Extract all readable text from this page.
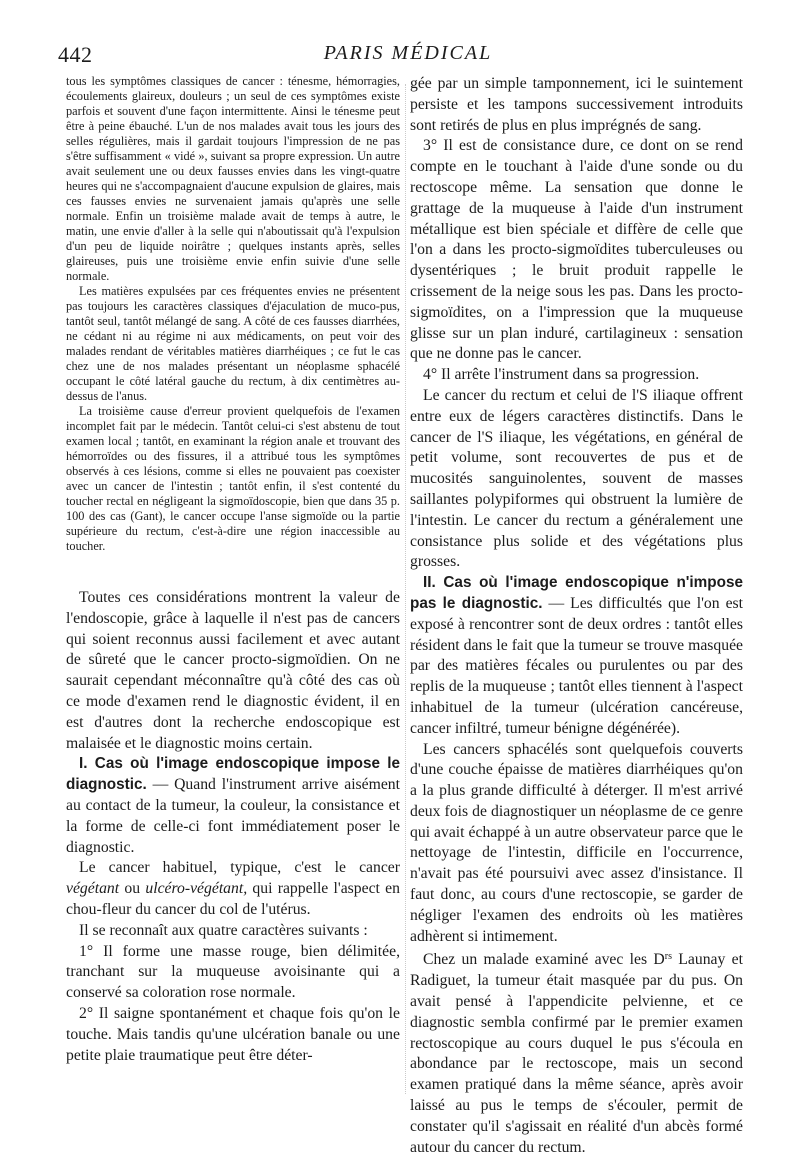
442	PARIS MÉDICAL

tous les symptômes classiques de cancer : ténesme, hémorragies, écoulements glaireux, douleurs ; un seul de ces symptômes existe parfois et souvent d'une façon intermittente. Ainsi le ténesme peut être à peine ébauché. L'un de nos malades avait tous les jours des selles régulières, mais il gardait toujours l'impression de ne pas s'être suffisamment « vidé », suivant sa propre expression. Un autre avait seulement une ou deux fausses envies dans les vingt-quatre heures qui ne s'accompagnaient d'aucune expulsion de glaires, mais ces fausses envies ne survenaient jamais qu'après une selle normale. Enfin un troisième malade avait de temps à autre, le matin, une envie d'aller à la selle qui n'aboutissait qu'à l'expulsion d'un peu de liquide noirâtre ; quelques instants après, selles glaireuses, puis une troisième envie enfin suivie d'une selle normale.

Les matières expulsées par ces fréquentes envies ne présentent pas toujours les caractères classiques d'éjaculation de muco-pus, tantôt seul, tantôt mélangé de sang. A côté de ces fausses diarrhées, ne cédant ni au régime ni aux médicaments, on peut voir des malades rendant de véritables matières diarrhéiques ; ce fut le cas chez une de nos malades présentant un néoplasme sphacélé occupant le côté latéral gauche du rectum, à dix centimètres au-dessus de l'anus.

La troisième cause d'erreur provient quelquefois de l'examen incomplet fait par le médecin. Tantôt celui-ci s'est abstenu de tout examen local ; tantôt, en examinant la région anale et trouvant des hémorroïdes ou des fissures, il a attribué tous les symptômes observés à ces lésions, comme si elles ne pouvaient pas coexister avec un cancer de l'intestin ; tantôt enfin, il s'est contenté du toucher rectal en négligeant la sigmoïdoscopie, bien que dans 35 p. 100 des cas (Gant), le cancer occupe l'anse sigmoïde ou la partie supérieure du rectum, c'est-à-dire une région inaccessible au toucher.

Toutes ces considérations montrent la valeur de l'endoscopie, grâce à laquelle il n'est pas de cancers qui soient reconnus aussi facilement et avec autant de sûreté que le cancer procto-sigmoïdien. On ne saurait cependant méconnaître qu'à côté des cas où ce mode d'examen rend le diagnostic évident, il en est d'autres dont la recherche endoscopique est malaisée et le diagnostic moins certain.

I. Cas où l'image endoscopique impose le diagnostic. — Quand l'instrument arrive aisément au contact de la tumeur, la couleur, la consistance et la forme de celle-ci font immédiatement poser le diagnostic.

Le cancer habituel, typique, c'est le cancer végétant ou ulcéro-végétant, qui rappelle l'aspect en chou-fleur du cancer du col de l'utérus.

Il se reconnaît aux quatre caractères suivants :

1° Il forme une masse rouge, bien délimitée, tranchant sur la muqueuse avoisinante qui a conservé sa coloration rose normale.

2° Il saigne spontanément et chaque fois qu'on le touche. Mais tandis qu'une ulcération banale ou une petite plaie traumatique peut être déter-

gée par un simple tamponnement, ici le suintement persiste et les tampons successivement introduits sont retirés de plus en plus imprégnés de sang.

3° Il est de consistance dure, ce dont on se rend compte en le touchant à l'aide d'une sonde ou du rectoscope même. La sensation que donne le grattage de la muqueuse à l'aide d'un instrument métallique est bien spéciale et diffère de celle que l'on a dans les procto-sigmoïdites tuberculeuses ou dysentériques ; le bruit produit rappelle le crissement de la neige sous les pas. Dans les procto-sigmoïdites, on a l'impression que la muqueuse glisse sur un plan induré, cartilagineux : sensation que ne donne pas le cancer.

4° Il arrête l'instrument dans sa progression.

Le cancer du rectum et celui de l'S iliaque offrent entre eux de légers caractères distinctifs. Dans le cancer de l'S iliaque, les végétations, en général de petit volume, sont recouvertes de pus et de mucosités sanguinolentes, souvent de masses saillantes polypiformes qui obstruent la lumière de l'intestin. Le cancer du rectum a généralement une consistance plus solide et des végétations plus grosses.

II. Cas où l'image endoscopique n'impose pas le diagnostic. — Les difficultés que l'on est exposé à rencontrer sont de deux ordres : tantôt elles résident dans le fait que la tumeur se trouve masquée par des matières fécales ou purulentes ou par des replis de la muqueuse ; tantôt elles tiennent à l'aspect inhabituel de la tumeur (ulcération cancéreuse, cancer infiltré, tumeur bénigne dégénérée).

Les cancers sphacélés sont quelquefois couverts d'une couche épaisse de matières diarrhéiques qu'on a la plus grande difficulté à déterger. Il m'est arrivé deux fois de diagnostiquer un néoplasme de ce genre qui avait échappé à un autre observateur parce que le nettoyage de l'intestin, difficile en l'occurrence, n'avait pas été poursuivi avec assez d'insistance. Il faut donc, au cours d'une rectoscopie, se garder de négliger l'examen des endroits où les matières adhèrent si intimement.

Chez un malade examiné avec les $D^{rs}$ Launay et Radiguet, la tumeur était masquée par du pus. On avait pensé à l'appendicite pelvienne, et ce diagnostic sembla confirmé par le premier examen rectoscopique au cours duquel le pus s'écoula en abondance par le rectoscope, mais un second examen pratiqué dans la même séance, après avoir laissé au pus le temps de s'écouler, permit de constater qu'il s'agissait en réalité d'un abcès formé autour du cancer du rectum.
